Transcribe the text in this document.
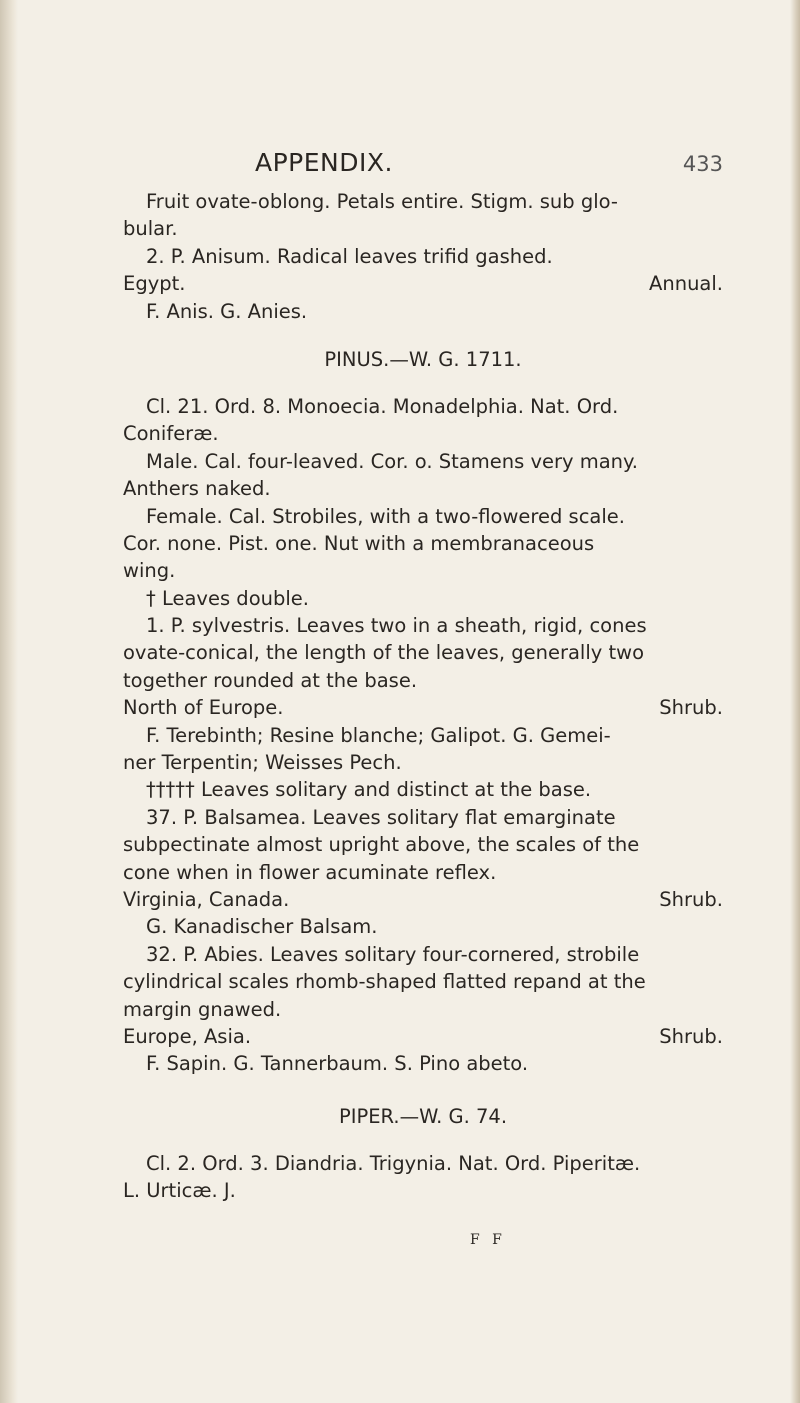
APPENDIX.	433
Fruit ovate-oblong. Petals entire. Stigm. sub glo-
bular.
2. P. Anisum. Radical leaves trifid gashed.
Egypt.	Annual.
F. Anis. G. Anies.
PINUS.—W. G. 1711.
Cl. 21. Ord. 8. Monoecia. Monadelphia. Nat. Ord.
Coniferæ.
Male. Cal. four-leaved. Cor. o. Stamens very many.
Anthers naked.
Female. Cal. Strobiles, with a two-flowered scale.
Cor. none. Pist. one. Nut with a membranaceous
wing.
† Leaves double.
1. P. sylvestris. Leaves two in a sheath, rigid, cones
ovate-conical, the length of the leaves, generally two
together rounded at the base.
North of Europe.	Shrub.
F. Terebinth; Resine blanche; Galipot. G. Gemei-
ner Terpentin; Weisses Pech.
††††† Leaves solitary and distinct at the base.
37. P. Balsamea. Leaves solitary flat emarginate
subpectinate almost upright above, the scales of the
cone when in flower acuminate reflex.
Virginia, Canada.	Shrub.
G. Kanadischer Balsam.
32. P. Abies. Leaves solitary four-cornered, strobile
cylindrical scales rhomb-shaped flatted repand at the
margin gnawed.
Europe, Asia.	Shrub.
F. Sapin. G. Tannerbaum. S. Pino abeto.
PIPER.—W. G. 74.
Cl. 2. Ord. 3. Diandria. Trigynia. Nat. Ord. Piperitæ.
L. Urticæ. J.
F F
